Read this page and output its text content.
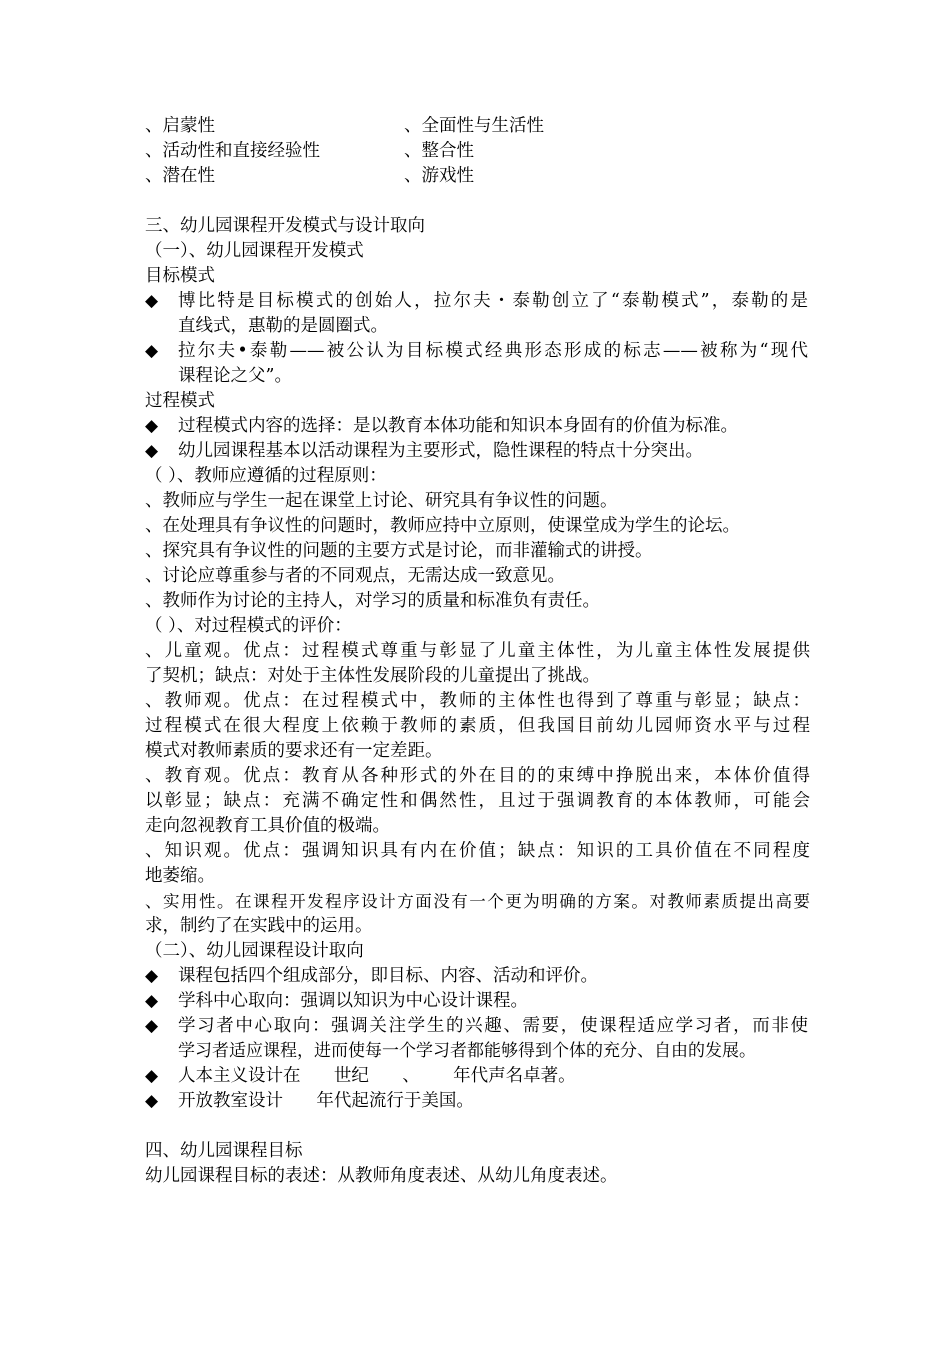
、启蒙性	、全面性与生活性
、活动性和直接经验性	、整合性
、潜在性	、游戏性
三、幼儿园课程开发模式与设计取向
（一）、幼儿园课程开发模式
目标模式
◆ 博比特是目标模式的创始人，拉尔夫・泰勒创立了“泰勒模式”，泰勒的是
直线式，惠勒的是圆圈式。
◆ 拉尔夫•泰勒——被公认为目标模式经典形态形成的标志——被称为“现代
课程论之父”。
过程模式
◆ 过程模式内容的选择：是以教育本体功能和知识本身固有的价值为标准。
◆ 幼儿园课程基本以活动课程为主要形式，隐性课程的特点十分突出。
（ ）、教师应遵循的过程原则：
、教师应与学生一起在课堂上讨论、研究具有争议性的问题。
、在处理具有争议性的问题时，教师应持中立原则，使课堂成为学生的论坛。
、探究具有争议性的问题的主要方式是讨论，而非灌输式的讲授。
、讨论应尊重参与者的不同观点，无需达成一致意见。
、教师作为讨论的主持人，对学习的质量和标准负有责任。
（ ）、对过程模式的评价：
、儿童观。优点：过程模式尊重与彰显了儿童主体性，为儿童主体性发展提供
了契机；缺点：对处于主体性发展阶段的儿童提出了挑战。
、教师观。优点：在过程模式中，教师的主体性也得到了尊重与彰显；缺点：
过程模式在很大程度上依赖于教师的素质，但我国目前幼儿园师资水平与过程
模式对教师素质的要求还有一定差距。
、教育观。优点：教育从各种形式的外在目的的束缚中挣脱出来，本体价值得
以彰显；缺点：充满不确定性和偶然性，且过于强调教育的本体教师，可能会
走向忽视教育工具价值的极端。
、知识观。优点：强调知识具有内在价值；缺点：知识的工具价值在不同程度
地萎缩。
、实用性。在课程开发程序设计方面没有一个更为明确的方案。对教师素质提出高要
求，制约了在实践中的运用。
（二）、幼儿园课程设计取向
◆ 课程包括四个组成部分，即目标、内容、活动和评价。
◆ 学科中心取向：强调以知识为中心设计课程。
◆ 学习者中心取向：强调关注学生的兴趣、需要，使课程适应学习者，而非使
学习者适应课程，进而使每一个学习者都能够得到个体的充分、自由的发展。
◆ 人本主义设计在      世纪      、      年代声名卓著。
◆ 开放教室设计      年代起流行于美国。
四、幼儿园课程目标
幼儿园课程目标的表述：从教师角度表述、从幼儿角度表述。
